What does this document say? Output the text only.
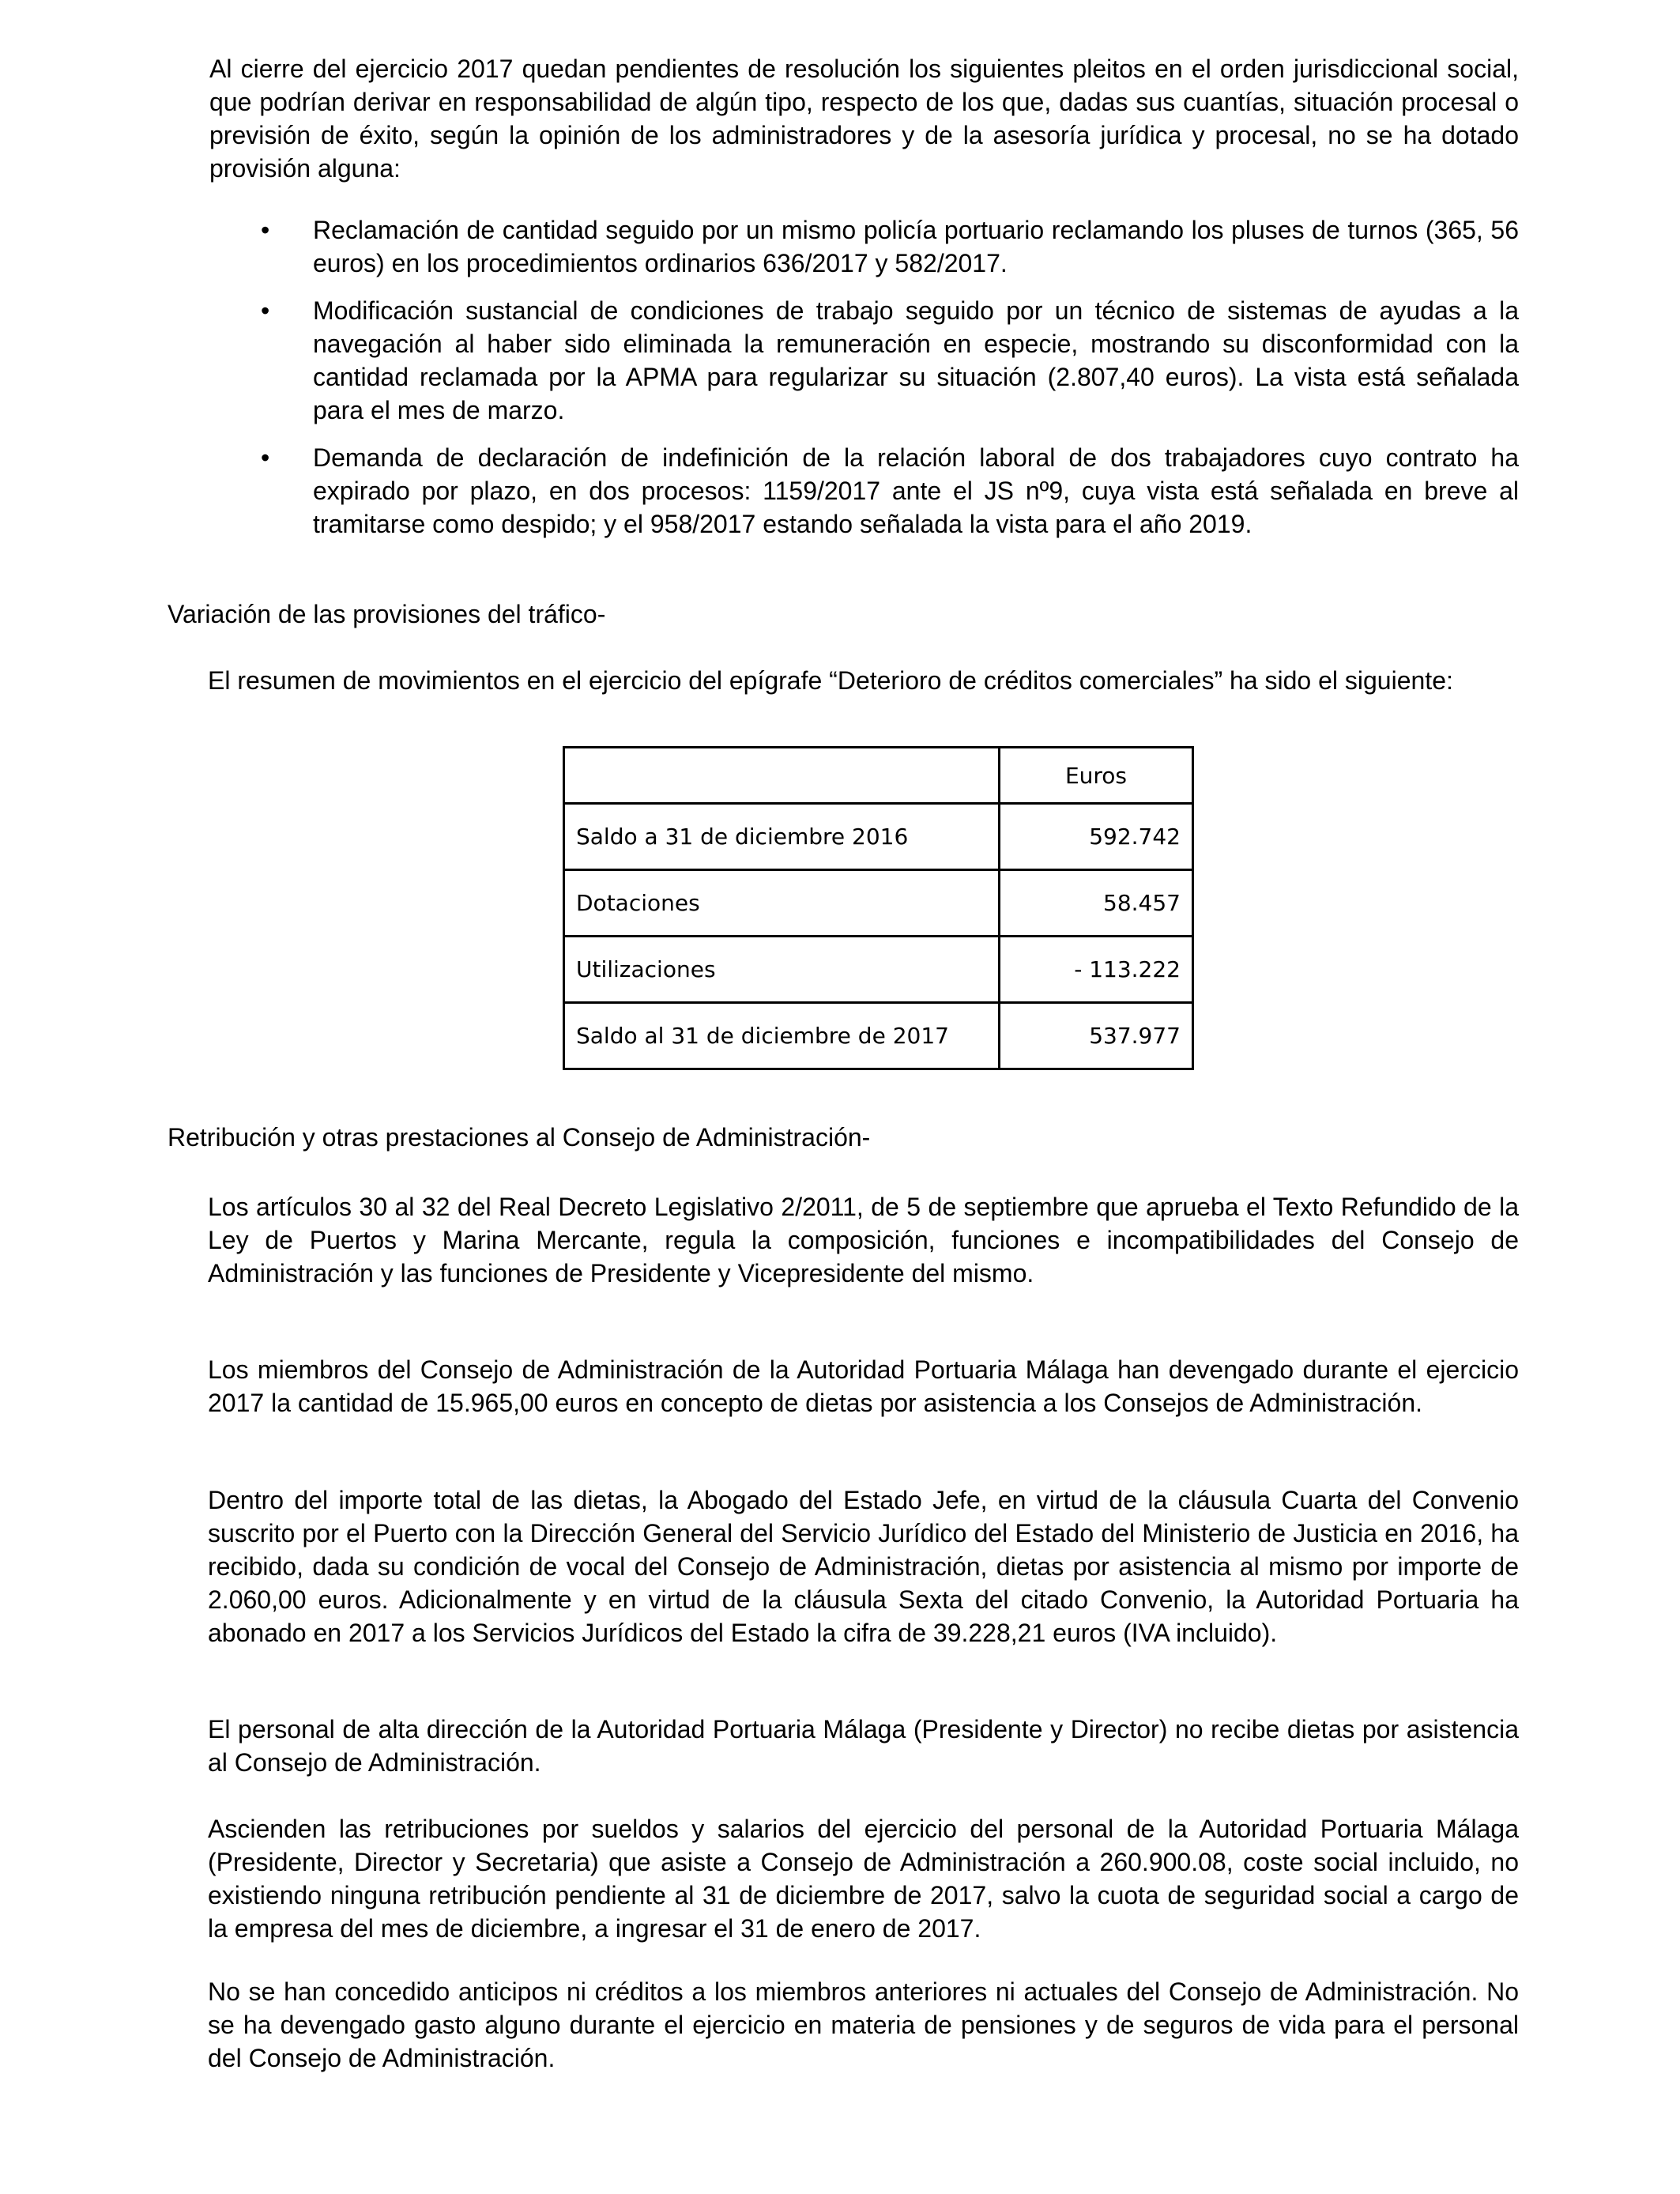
Al cierre del ejercicio 2017 quedan pendientes de resolución los siguientes pleitos en el orden jurisdiccional social, que podrían derivar en responsabilidad de algún tipo, respecto de los que, dadas sus cuantías, situación procesal o previsión de éxito, según la opinión de los administradores y de la asesoría jurídica y procesal, no se ha dotado provisión alguna:

• Reclamación de cantidad seguido por un mismo policía portuario reclamando los pluses de turnos (365, 56 euros) en los procedimientos ordinarios 636/2017 y 582/2017.
• Modificación sustancial de condiciones de trabajo seguido por un técnico de sistemas de ayudas a la navegación al haber sido eliminada la remuneración en especie, mostrando su disconformidad con la cantidad reclamada por la APMA para regularizar su situación (2.807,40 euros). La vista está señalada para el mes de marzo.
• Demanda de declaración de indefinición de la relación laboral de dos trabajadores cuyo contrato ha expirado por plazo, en dos procesos: 1159/2017 ante el JS nº9, cuya vista está señalada en breve al tramitarse como despido; y el 958/2017 estando señalada la vista para el año 2019.

Variación de las provisiones del tráfico-

El resumen de movimientos en el ejercicio del epígrafe “Deterioro de créditos comerciales” ha sido el siguiente:

	Euros
Saldo a 31 de diciembre 2016	592.742
Dotaciones	58.457
Utilizaciones	- 113.222
Saldo al 31 de diciembre de 2017	537.977

Retribución y otras prestaciones al Consejo de Administración-

Los artículos 30 al 32 del Real Decreto Legislativo 2/2011, de 5 de septiembre que aprueba el Texto Refundido de la Ley de Puertos y Marina Mercante, regula la composición, funciones e incompatibilidades del Consejo de Administración y las funciones de Presidente y Vicepresidente del mismo.

Los miembros del Consejo de Administración de la Autoridad Portuaria Málaga han devengado durante el ejercicio 2017 la cantidad de 15.965,00 euros en concepto de dietas por asistencia a los Consejos de Administración.

Dentro del importe total de las dietas, la Abogado del Estado Jefe, en virtud de la cláusula Cuarta del Convenio suscrito por el Puerto con la Dirección General del Servicio Jurídico del Estado del Ministerio de Justicia en 2016, ha recibido, dada su condición de vocal del Consejo de Administración, dietas por asistencia al mismo por importe de 2.060,00 euros. Adicionalmente y en virtud de la cláusula Sexta del citado Convenio, la Autoridad Portuaria ha abonado en 2017 a los Servicios Jurídicos del Estado la cifra de 39.228,21 euros (IVA incluido).

El personal de alta dirección de la Autoridad Portuaria Málaga (Presidente y Director) no recibe dietas por asistencia al Consejo de Administración.

Ascienden las retribuciones por sueldos y salarios del ejercicio del personal de la Autoridad Portuaria Málaga (Presidente, Director y Secretaria) que asiste a Consejo de Administración a 260.900.08, coste social incluido, no existiendo ninguna retribución pendiente al 31 de diciembre de 2017, salvo la cuota de seguridad social a cargo de la empresa del mes de diciembre, a ingresar el 31 de enero de 2017.

No se han concedido anticipos ni créditos a los miembros anteriores ni actuales del Consejo de Administración. No se ha devengado gasto alguno durante el ejercicio en materia de pensiones y de seguros de vida para el personal del Consejo de Administración.
